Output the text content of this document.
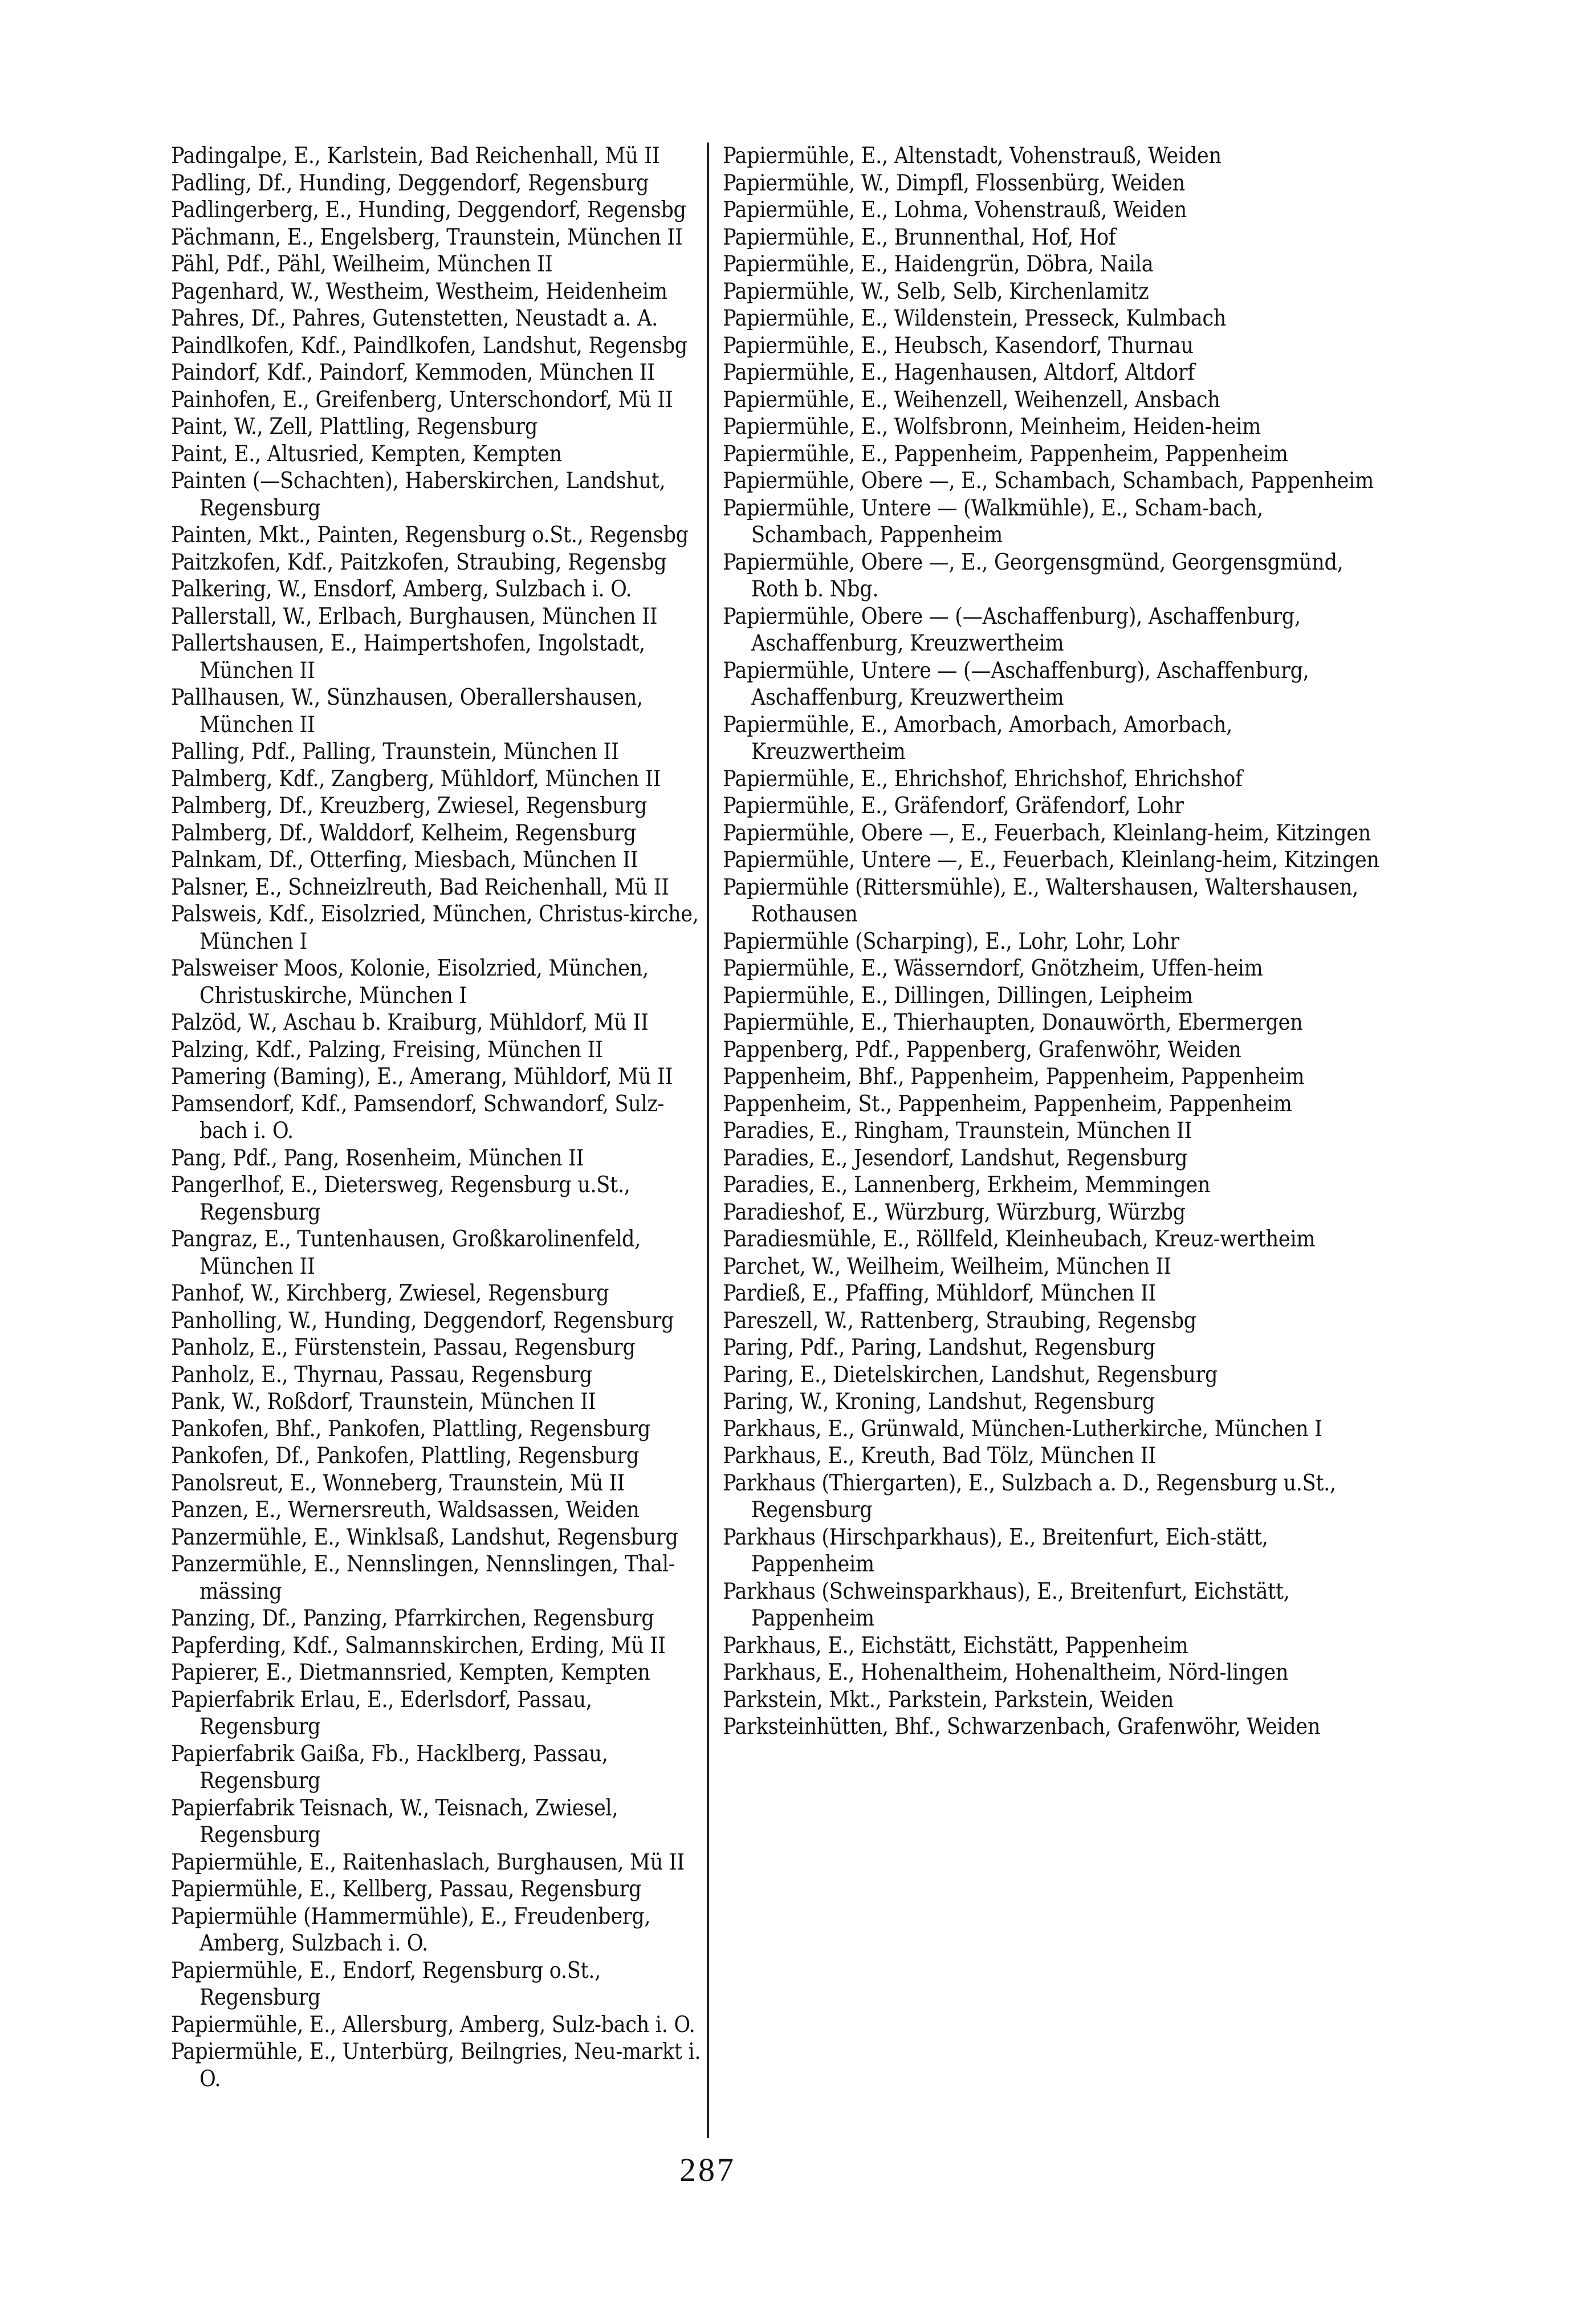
Padingalpe, E., Karlstein, Bad Reichenhall, Mü II
Padling, Df., Hunding, Deggendorf, Regensburg
Padlingerberg, E., Hunding, Deggendorf, Regensbg
Pächmann, E., Engelsberg, Traunstein, München II
Pähl, Pdf., Pähl, Weilheim, München II
Pagenhard, W., Westheim, Westheim, Heidenheim
Pahres, Df., Pahres, Gutenstetten, Neustadt a. A.
Paindlkofen, Kdf., Paindlkofen, Landshut, Regensbg
Paindorf, Kdf., Paindorf, Kemmoden, München II
Painhofen, E., Greifenberg, Unterschondorf, Mü II
Paint, W., Zell, Plattling, Regensburg
Paint, E., Altusried, Kempten, Kempten
Painten (—Schachten), Haberskirchen, Landshut, Regensburg
Painten, Mkt., Painten, Regensburg o.St., Regensbg
Paitzkofen, Kdf., Paitzkofen, Straubing, Regensbg
Palkering, W., Ensdorf, Amberg, Sulzbach i. O.
Pallerstall, W., Erlbach, Burghausen, München II
Pallertshausen, E., Haimpertshofen, Ingolstadt, München II
Pallhausen, W., Sünzhausen, Oberallershausen, München II
Palling, Pdf., Palling, Traunstein, München II
Palmberg, Kdf., Zangberg, Mühldorf, München II
Palmberg, Df., Kreuzberg, Zwiesel, Regensburg
Palmberg, Df., Walddorf, Kelheim, Regensburg
Palnkam, Df., Otterfing, Miesbach, München II
Palsner, E., Schneizlreuth, Bad Reichenhall, Mü II
Palsweis, Kdf., Eisolzried, München, Christus-kirche, München I
Palsweiser Moos, Kolonie, Eisolzried, München, Christuskirche, München I
Palzöd, W., Aschau b. Kraiburg, Mühldorf, Mü II
Palzing, Kdf., Palzing, Freising, München II
Pamering (Baming), E., Amerang, Mühldorf, Mü II
Pamsendorf, Kdf., Pamsendorf, Schwandorf, Sulz-bach i. O.
Pang, Pdf., Pang, Rosenheim, München II
Pangerlhof, E., Dietersweg, Regensburg u.St., Regensburg
Pangraz, E., Tuntenhausen, Großkarolinenfeld, München II
Panhof, W., Kirchberg, Zwiesel, Regensburg
Panholling, W., Hunding, Deggendorf, Regensburg
Panholz, E., Fürstenstein, Passau, Regensburg
Panholz, E., Thyrnau, Passau, Regensburg
Pank, W., Roßdorf, Traunstein, München II
Pankofen, Bhf., Pankofen, Plattling, Regensburg
Pankofen, Df., Pankofen, Plattling, Regensburg
Panolsreut, E., Wonneberg, Traunstein, Mü II
Panzen, E., Wernersreuth, Waldsassen, Weiden
Panzermühle, E., Winklsaß, Landshut, Regensburg
Panzermühle, E., Nennslingen, Nennslingen, Thal-mässing
Panzing, Df., Panzing, Pfarrkirchen, Regensburg
Papferding, Kdf., Salmannskirchen, Erding, Mü II
Papierer, E., Dietmannsried, Kempten, Kempten
Papierfabrik Erlau, E., Ederlsdorf, Passau, Regensburg
Papierfabrik Gaißa, Fb., Hacklberg, Passau, Regensburg
Papierfabrik Teisnach, W., Teisnach, Zwiesel, Regensburg
Papiermühle, E., Raitenhaslach, Burghausen, Mü II
Papiermühle, E., Kellberg, Passau, Regensburg
Papiermühle (Hammermühle), E., Freudenberg, Amberg, Sulzbach i. O.
Papiermühle, E., Endorf, Regensburg o.St., Regensburg
Papiermühle, E., Allersburg, Amberg, Sulz-bach i. O.
Papiermühle, E., Unterbürg, Beilngries, Neu-markt i. O.
Papiermühle, E., Altenstadt, Vohenstrauß, Weiden
Papiermühle, W., Dimpfl, Flossenbürg, Weiden
Papiermühle, E., Lohma, Vohenstrauß, Weiden
Papiermühle, E., Brunnenthal, Hof, Hof
Papiermühle, E., Haidengrün, Döbra, Naila
Papiermühle, W., Selb, Selb, Kirchenlamitz
Papiermühle, E., Wildenstein, Presseck, Kulmbach
Papiermühle, E., Heubsch, Kasendorf, Thurnau
Papiermühle, E., Hagenhausen, Altdorf, Altdorf
Papiermühle, E., Weihenzell, Weihenzell, Ansbach
Papiermühle, E., Wolfsbronn, Meinheim, Heiden-heim
Papiermühle, E., Pappenheim, Pappenheim, Pappenheim
Papiermühle, Obere —, E., Schambach, Schambach, Pappenheim
Papiermühle, Untere — (Walkmühle), E., Scham-bach, Schambach, Pappenheim
Papiermühle, Obere —, E., Georgensgmünd, Georgensgmünd, Roth b. Nbg.
Papiermühle, Obere — (—Aschaffenburg), Aschaffenburg, Aschaffenburg, Kreuzwertheim
Papiermühle, Untere — (—Aschaffenburg), Aschaffenburg, Aschaffenburg, Kreuzwertheim
Papiermühle, E., Amorbach, Amorbach, Amorbach, Kreuzwertheim
Papiermühle, E., Ehrichshof, Ehrichshof, Ehrichshof
Papiermühle, E., Gräfendorf, Gräfendorf, Lohr
Papiermühle, Obere —, E., Feuerbach, Kleinlang-heim, Kitzingen
Papiermühle, Untere —, E., Feuerbach, Kleinlang-heim, Kitzingen
Papiermühle (Rittersmühle), E., Waltershausen, Waltershausen, Rothausen
Papiermühle (Scharping), E., Lohr, Lohr, Lohr
Papiermühle, E., Wässerndorf, Gnötzheim, Uffen-heim
Papiermühle, E., Dillingen, Dillingen, Leipheim
Papiermühle, E., Thierhaupten, Donauwörth, Ebermergen
Pappenberg, Pdf., Pappenberg, Grafenwöhr, Weiden
Pappenheim, Bhf., Pappenheim, Pappenheim, Pappenheim
Pappenheim, St., Pappenheim, Pappenheim, Pappenheim
Paradies, E., Ringham, Traunstein, München II
Paradies, E., Jesendorf, Landshut, Regensburg
Paradies, E., Lannenberg, Erkheim, Memmingen
Paradieshof, E., Würzburg, Würzburg, Würzbg
Paradiesmühle, E., Röllfeld, Kleinheubach, Kreuz-wertheim
Parchet, W., Weilheim, Weilheim, München II
Pardieß, E., Pfaffing, Mühldorf, München II
Pareszell, W., Rattenberg, Straubing, Regensbg
Paring, Pdf., Paring, Landshut, Regensburg
Paring, E., Dietelskirchen, Landshut, Regensburg
Paring, W., Kroning, Landshut, Regensburg
Parkhaus, E., Grünwald, München-Lutherkirche, München I
Parkhaus, E., Kreuth, Bad Tölz, München II
Parkhaus (Thiergarten), E., Sulzbach a. D., Regensburg u.St., Regensburg
Parkhaus (Hirschparkhaus), E., Breitenfurt, Eich-stätt, Pappenheim
Parkhaus (Schweinsparkhaus), E., Breitenfurt, Eichstätt, Pappenheim
Parkhaus, E., Eichstätt, Eichstätt, Pappenheim
Parkhaus, E., Hohenaltheim, Hohenaltheim, Nörd-lingen
Parkstein, Mkt., Parkstein, Parkstein, Weiden
Parksteinhütten, Bhf., Schwarzenbach, Grafenwöhr, Weiden
287
